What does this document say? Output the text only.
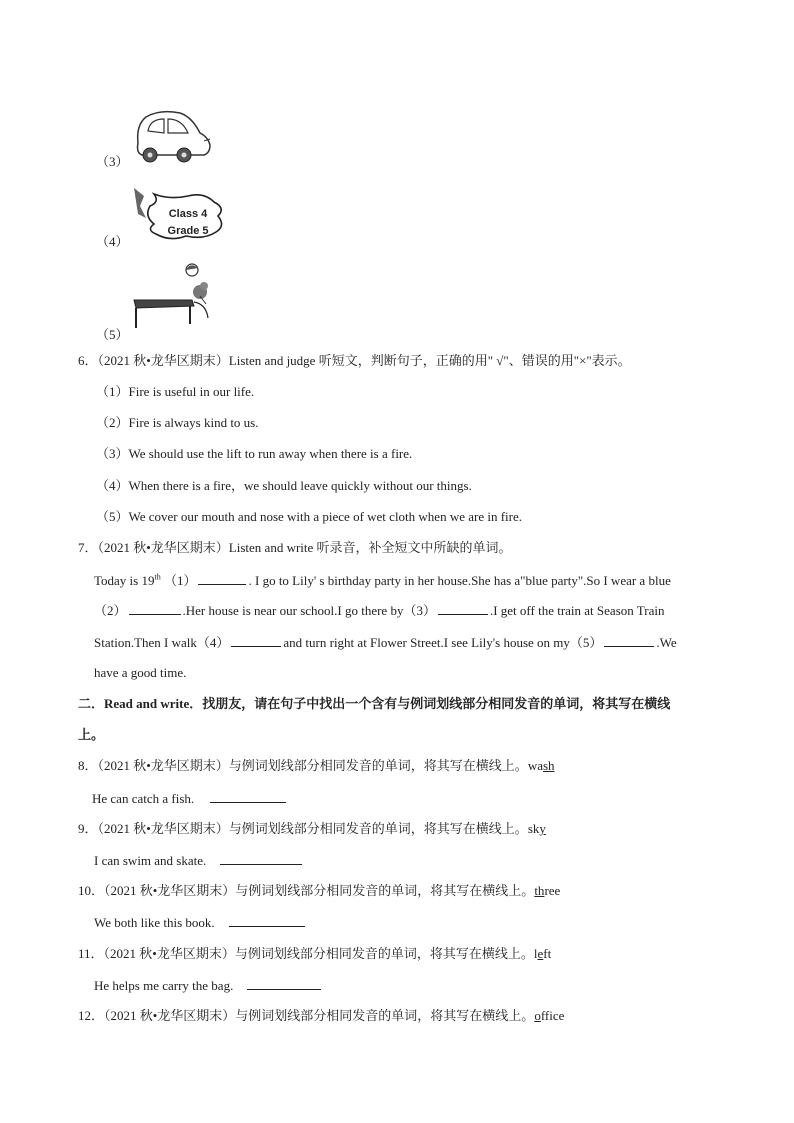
（3）
Class 4
Grade 5
（4）
（5）
6．（2021 秋•龙华区期末）Listen and judge 听短文，判断句子，正确的用" √"、错误的用"×"表示。
（1）Fire is useful in our life.
（2）Fire is always kind to us.
（3）We should use the lift to run away when there is a fire.
（4）When there is a fire，we should leave quickly without our things.
（5）We cover our mouth and nose with a piece of wet cloth when we are in fire.
7．（2021 秋•龙华区期末）Listen and write 听录音，补全短文中所缺的单词。
Today is 19th （1）	. I go to Lily' s birthday party in her house.She has a"blue party".So I wear a blue
（2）	.Her house is near our school.I go there by（3）	.I get off the train at Season Train
Station.Then I walk（4）	and turn right at Flower Street.I see Lily's house on my（5）	.We
have a good time.
二．Read and write．找朋友，请在句子中找出一个含有与例词划线部分相同发音的单词，将其写在横线
上。
8．（2021 秋•龙华区期末）与例词划线部分相同发音的单词，将其写在横线上。wash
He can catch a fish.
9．（2021 秋•龙华区期末）与例词划线部分相同发音的单词，将其写在横线上。sky
I can swim and skate.
10．（2021 秋•龙华区期末）与例词划线部分相同发音的单词，将其写在横线上。three
We both like this book.
11．（2021 秋•龙华区期末）与例词划线部分相同发音的单词，将其写在横线上。left
He helps me carry the bag.
12．（2021 秋•龙华区期末）与例词划线部分相同发音的单词，将其写在横线上。office
